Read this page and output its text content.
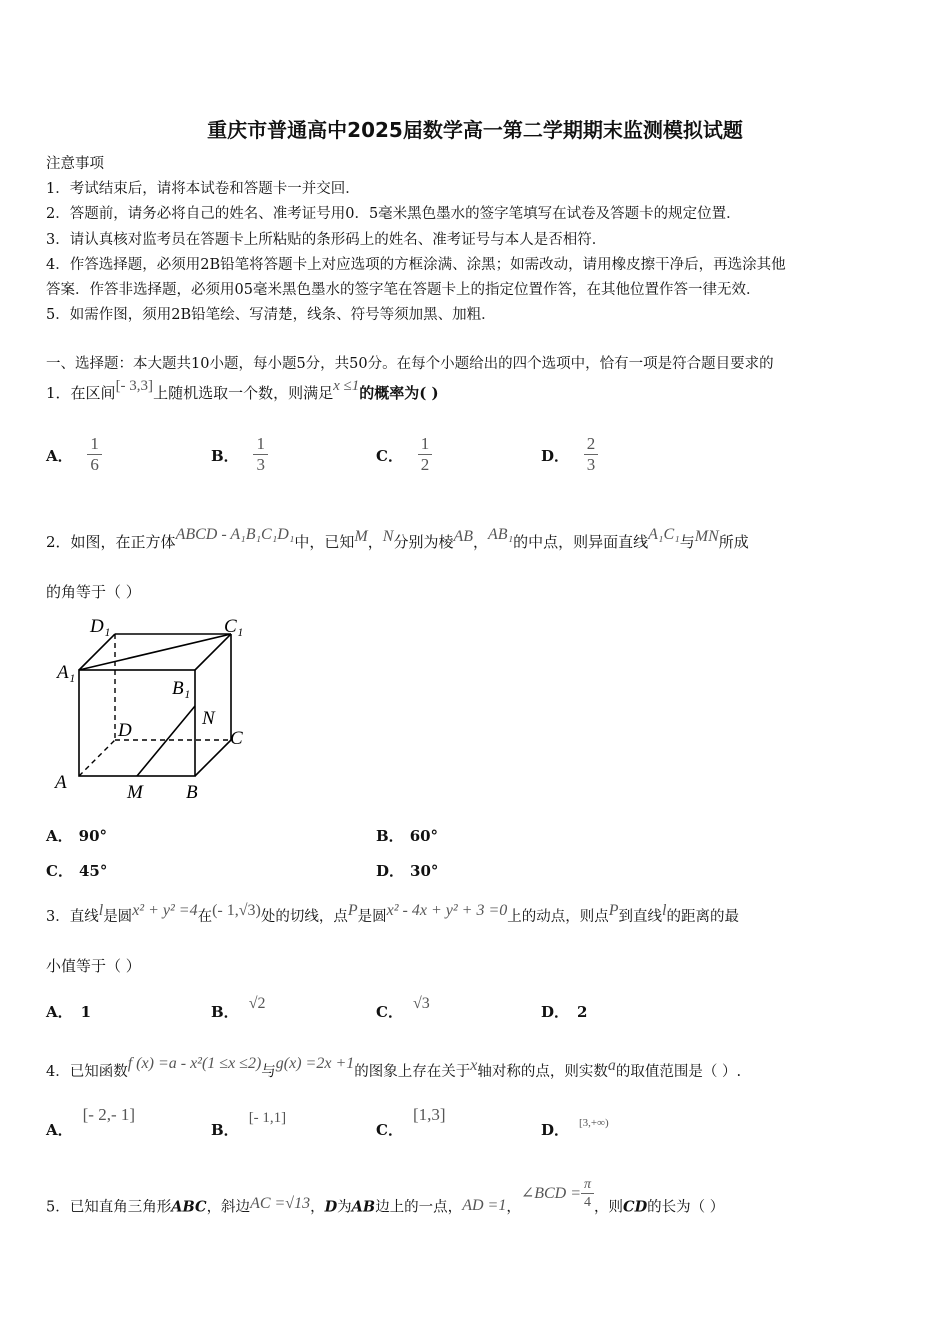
重庆市普通高中2025届数学高一第二学期期末监测模拟试题
注意事项
1．考试结束后，请将本试卷和答题卡一并交回．
2．答题前，请务必将自己的姓名、准考证号用0．5毫米黑色墨水的签字笔填写在试卷及答题卡的规定位置．
3．请认真核对监考员在答题卡上所粘贴的条形码上的姓名、准考证号与本人是否相符．
4．作答选择题，必须用2B铅笔将答题卡上对应选项的方框涂满、涂黑；如需改动，请用橡皮擦干净后，再选涂其他
答案．作答非选择题，必须用05毫米黑色墨水的签字笔在答题卡上的指定位置作答，在其他位置作答一律无效．
5．如需作图，须用2B铅笔绘、写清楚，线条、符号等须加黑、加粗．
一、选择题：本大题共10小题，每小题5分，共50分。在每个小题给出的四个选项中，恰有一项是符合题目要求的
1．在区间[- 3,3]上随机选取一个数，则满足x ≤1的概率为( )
A． $\frac{1}{6}$	B． $\frac{1}{3}$	C． $\frac{1}{2}$	D． $\frac{2}{3}$
2．如图，在正方体ABCD - A₁B₁C₁D₁中，已知M，N分别为棱AB，AB₁的中点，则异面直线A₁C₁与MN所成
的角等于（ ）
D₁	C₁
A₁
B₁
N
D	C
A	M B
A． 90°	B． 60°
C． 45°	D． 30°
3．直线l是圆x² + y² =4在(- 1,√3)处的切线，点P是圆x² - 4x + y² + 3 =0上的动点，则点P到直线l的距离的最
小值等于（ ）
A． 1	B． √2	C． √3	D． 2
4．已知函数f (x) =a - x²(1 ≤x ≤2)与g(x) =2x +1的图象上存在关于x轴对称的点，则实数a的取值范围是（ ）.
A．[- 2,- 1]
B．[- 1,1]
C．[1,3]
D． [3,+∞)
5．已知直角三角形ABC，斜边AC =√13，D为AB边上的一点，AD =1，∠BCD = $\frac{\pi}{4}$ ，则CD的长为（ ）
